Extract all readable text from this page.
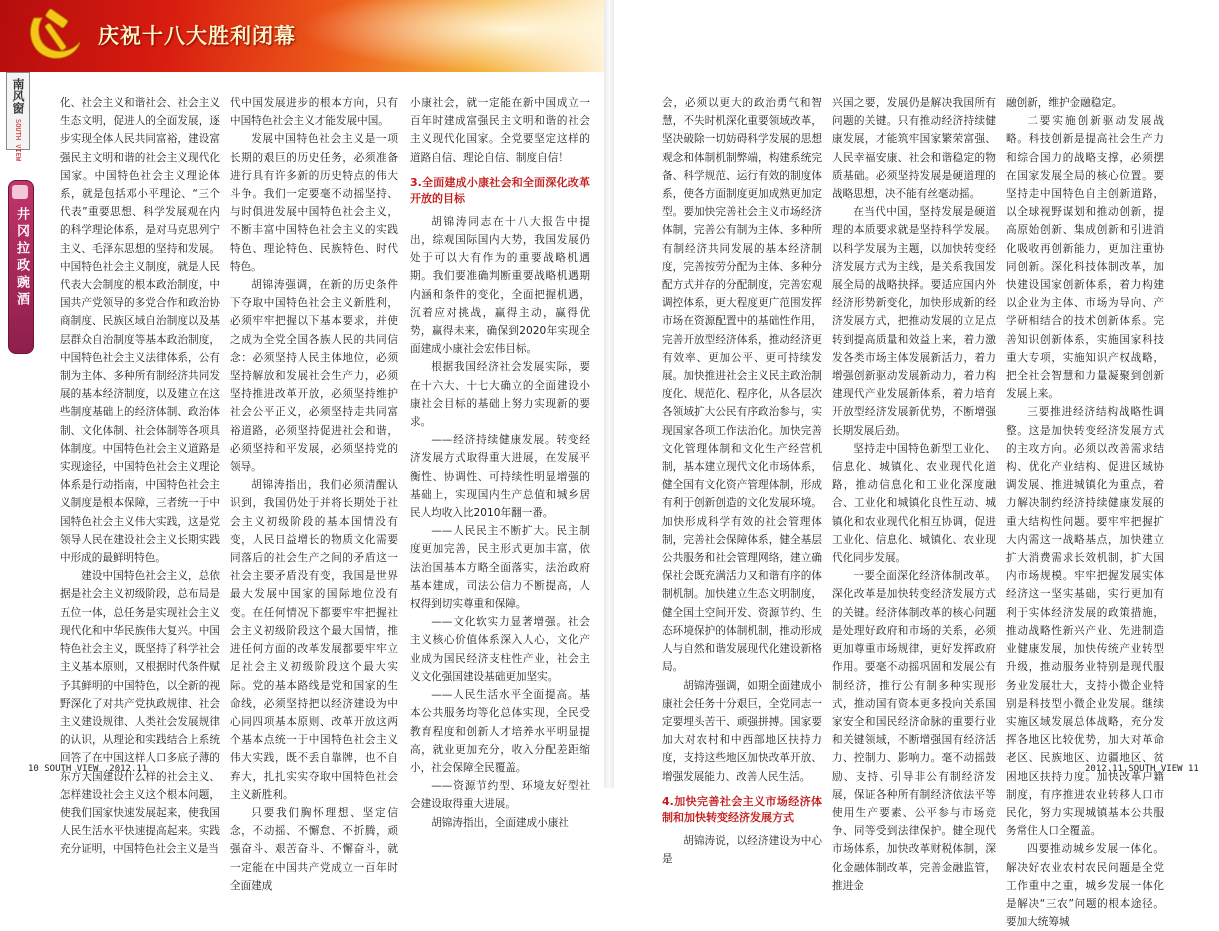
庆祝十八大胜利闭幕
南风窗
SOUTH VIEW
井冈拉政豌酒

化、社会主义和谐社会、社会主义生态文明，促进人的全面发展，逐步实现全体人民共同富裕，建设富强民主文明和谐的社会主义现代化国家。中国特色社会主义理论体系，就是包括邓小平理论、“三个代表”重要思想、科学发展观在内的科学理论体系，是对马克思列宁主义、毛泽东思想的坚持和发展。中国特色社会主义制度，就是人民代表大会制度的根本政治制度，中国共产党领导的多党合作和政治协商制度、民族区域自治制度以及基层群众自治制度等基本政治制度，中国特色社会主义法律体系，公有制为主体、多种所有制经济共同发展的基本经济制度，以及建立在这些制度基础上的经济体制、政治体制、文化体制、社会体制等各项具体制度。中国特色社会主义道路是实现途径，中国特色社会主义理论体系是行动指南，中国特色社会主义制度是根本保障，三者统一于中国特色社会主义伟大实践，这是党领导人民在建设社会主义长期实践中形成的最鲜明特色。

建设中国特色社会主义，总依据是社会主义初级阶段，总布局是五位一体，总任务是实现社会主义现代化和中华民族伟大复兴。中国特色社会主义，既坚持了科学社会主义基本原则，又根据时代条件赋予其鲜明的中国特色，以全新的视野深化了对共产党执政规律、社会主义建设规律、人类社会发展规律的认识，从理论和实践结合上系统回答了在中国这样人口多底子薄的东方大国建设什么样的社会主义、怎样建设社会主义这个根本问题，使我们国家快速发展起来，使我国人民生活水平快速提高起来。实践充分证明，中国特色社会主义是当

代中国发展进步的根本方向，只有中国特色社会主义才能发展中国。

发展中国特色社会主义是一项长期的艰巨的历史任务，必须准备进行具有许多新的历史特点的伟大斗争。我们一定要毫不动摇坚持、与时俱进发展中国特色社会主义，不断丰富中国特色社会主义的实践特色、理论特色、民族特色、时代特色。

胡锦涛强调，在新的历史条件下夺取中国特色社会主义新胜利，必须牢牢把握以下基本要求，并使之成为全党全国各族人民的共同信念：必须坚持人民主体地位，必须坚持解放和发展社会生产力，必须坚持推进改革开放，必须坚持维护社会公平正义，必须坚持走共同富裕道路，必须坚持促进社会和谐，必须坚持和平发展，必须坚持党的领导。

胡锦涛指出，我们必须清醒认识到，我国仍处于并将长期处于社会主义初级阶段的基本国情没有变，人民日益增长的物质文化需要同落后的社会生产之间的矛盾这一社会主要矛盾没有变，我国是世界最大发展中国家的国际地位没有变。在任何情况下都要牢牢把握社会主义初级阶段这个最大国情，推进任何方面的改革发展都要牢牢立足社会主义初级阶段这个最大实际。党的基本路线是党和国家的生命线，必须坚持把以经济建设为中心同四项基本原则、改革开放这两个基本点统一于中国特色社会主义伟大实践，既不丢自靠牌，也不自弃大，扎扎实实夺取中国特色社会主义新胜利。

只要我们胸怀理想、坚定信念，不动摇、不懈怠、不折腾，顽强奋斗、艰苦奋斗、不懈奋斗，就一定能在中国共产党成立一百年时全面建成

小康社会，就一定能在新中国成立一百年时建成富强民主文明和谐的社会主义现代化国家。全党要坚定这样的道路自信、理论自信、制度自信！

3.全面建成小康社会和全面深化改革开放的目标

胡锦涛同志在十八大报告中提出，综观国际国内大势，我国发展仍处于可以大有作为的重要战略机遇期。我们要准确判断重要战略机遇期内涵和条件的变化，全面把握机遇，沉着应对挑战，赢得主动，赢得优势，赢得未来，确保到2020年实现全面建成小康社会宏伟目标。

根据我国经济社会发展实际，要在十六大、十七大确立的全面建设小康社会目标的基础上努力实现新的要求。

——经济持续健康发展。转变经济发展方式取得重大进展，在发展平衡性、协调性、可持续性明显增强的基础上，实现国内生产总值和城乡居民人均收入比2010年翻一番。

——人民民主不断扩大。民主制度更加完善，民主形式更加丰富，依法治国基本方略全面落实，法治政府基本建成，司法公信力不断提高，人权得到切实尊重和保障。

——文化软实力显著增强。社会主义核心价值体系深入人心，文化产业成为国民经济支柱性产业，社会主义文化强国建设基础更加坚实。

——人民生活水平全面提高。基本公共服务均等化总体实现，全民受教育程度和创新人才培养水平明显提高，就业更加充分，收入分配差距缩小，社会保障全民覆盖。

——资源节约型、环境友好型社会建设取得重大进展。

胡锦涛指出，全面建成小康社

会，必须以更大的政治勇气和智慧，不失时机深化重要领域改革，坚决破除一切妨碍科学发展的思想观念和体制机制弊端，构建系统完备、科学规范、运行有效的制度体系，使各方面制度更加成熟更加定型。要加快完善社会主义市场经济体制，完善公有制为主体、多种所有制经济共同发展的基本经济制度，完善按劳分配为主体、多种分配方式并存的分配制度，完善宏观调控体系，更大程度更广范围发挥市场在资源配置中的基础性作用，完善开放型经济体系，推动经济更有效率、更加公平、更可持续发展。加快推进社会主义民主政治制度化、规范化、程序化，从各层次各领域扩大公民有序政治参与，实现国家各项工作法治化。加快完善文化管理体制和文化生产经营机制，基本建立现代文化市场体系，健全国有文化资产管理体制，形成有利于创新创造的文化发展环境。加快形成科学有效的社会管理体制，完善社会保障体系，健全基层公共服务和社会管理网络，建立确保社会既充满活力又和谐有序的体制机制。加快建立生态文明制度，健全国土空间开发、资源节约、生态环境保护的体制机制，推动形成人与自然和谐发展现代化建设新格局。

胡锦涛强调，如期全面建成小康社会任务十分艰巨，全党同志一定要埋头苦干、顽强拼搏。国家要加大对农村和中西部地区扶持力度，支持这些地区加快改革开放、增强发展能力、改善人民生活。

4.加快完善社会主义市场经济体制和加快转变经济发展方式

胡锦涛说，以经济建设为中心是

兴国之要，发展仍是解决我国所有问题的关键。只有推动经济持续健康发展，才能筑牢国家繁荣富强、人民幸福安康、社会和谐稳定的物质基础。必须坚持发展是硬道理的战略思想，决不能有丝毫动摇。

在当代中国，坚持发展是硬道理的本质要求就是坚持科学发展。以科学发展为主题，以加快转变经济发展方式为主线，是关系我国发展全局的战略抉择。要适应国内外经济形势新变化，加快形成新的经济发展方式，把推动发展的立足点转到提高质量和效益上来，着力激发各类市场主体发展新活力，着力增强创新驱动发展新动力，着力构建现代产业发展新体系，着力培育开放型经济发展新优势，不断增强长期发展后劲。

坚持走中国特色新型工业化、信息化、城镇化、农业现代化道路，推动信息化和工业化深度融合、工业化和城镇化良性互动、城镇化和农业现代化相互协调，促进工业化、信息化、城镇化、农业现代化同步发展。

一要全面深化经济体制改革。深化改革是加快转变经济发展方式的关键。经济体制改革的核心问题是处理好政府和市场的关系，必须更加尊重市场规律，更好发挥政府作用。要毫不动摇巩固和发展公有制经济，推行公有制多种实现形式，推动国有资本更多投向关系国家安全和国民经济命脉的重要行业和关键领域，不断增强国有经济活力、控制力、影响力。毫不动摇鼓励、支持、引导非公有制经济发展，保证各种所有制经济依法平等使用生产要素、公平参与市场竞争、同等受到法律保护。健全现代市场体系，加快改革财税体制，深化金融体制改革，完善金融监管，推进金

融创新，维护金融稳定。

二要实施创新驱动发展战略。科技创新是提高社会生产力和综合国力的战略支撑，必须摆在国家发展全局的核心位置。要坚持走中国特色自主创新道路，以全球视野谋划和推动创新，提高原始创新、集成创新和引进消化吸收再创新能力，更加注重协同创新。深化科技体制改革，加快建设国家创新体系，着力构建以企业为主体、市场为导向、产学研相结合的技术创新体系。完善知识创新体系，实施国家科技重大专项，实施知识产权战略，把全社会智慧和力量凝聚到创新发展上来。

三要推进经济结构战略性调整。这是加快转变经济发展方式的主攻方向。必须以改善需求结构、优化产业结构、促进区域协调发展、推进城镇化为重点，着力解决制约经济持续健康发展的重大结构性问题。要牢牢把握扩大内需这一战略基点，加快建立扩大消费需求长效机制，扩大国内市场规模。牢牢把握发展实体经济这一坚实基础，实行更加有利于实体经济发展的政策措施，推动战略性新兴产业、先进制造业健康发展，加快传统产业转型升级，推动服务业特别是现代服务业发展壮大，支持小微企业特别是科技型小微企业发展。继续实施区域发展总体战略，充分发挥各地区比较优势，加大对革命老区、民族地区、边疆地区、贫困地区扶持力度。加快改革户籍制度，有序推进农业转移人口市民化，努力实现城镇基本公共服务常住人口全覆盖。

四要推动城乡发展一体化。解决好农业农村农民问题是全党工作重中之重，城乡发展一体化是解决“三农”问题的根本途径。要加大统筹城

10 SOUTH VIEW .2012.11	2012.11.SOUTH VIEW 11
